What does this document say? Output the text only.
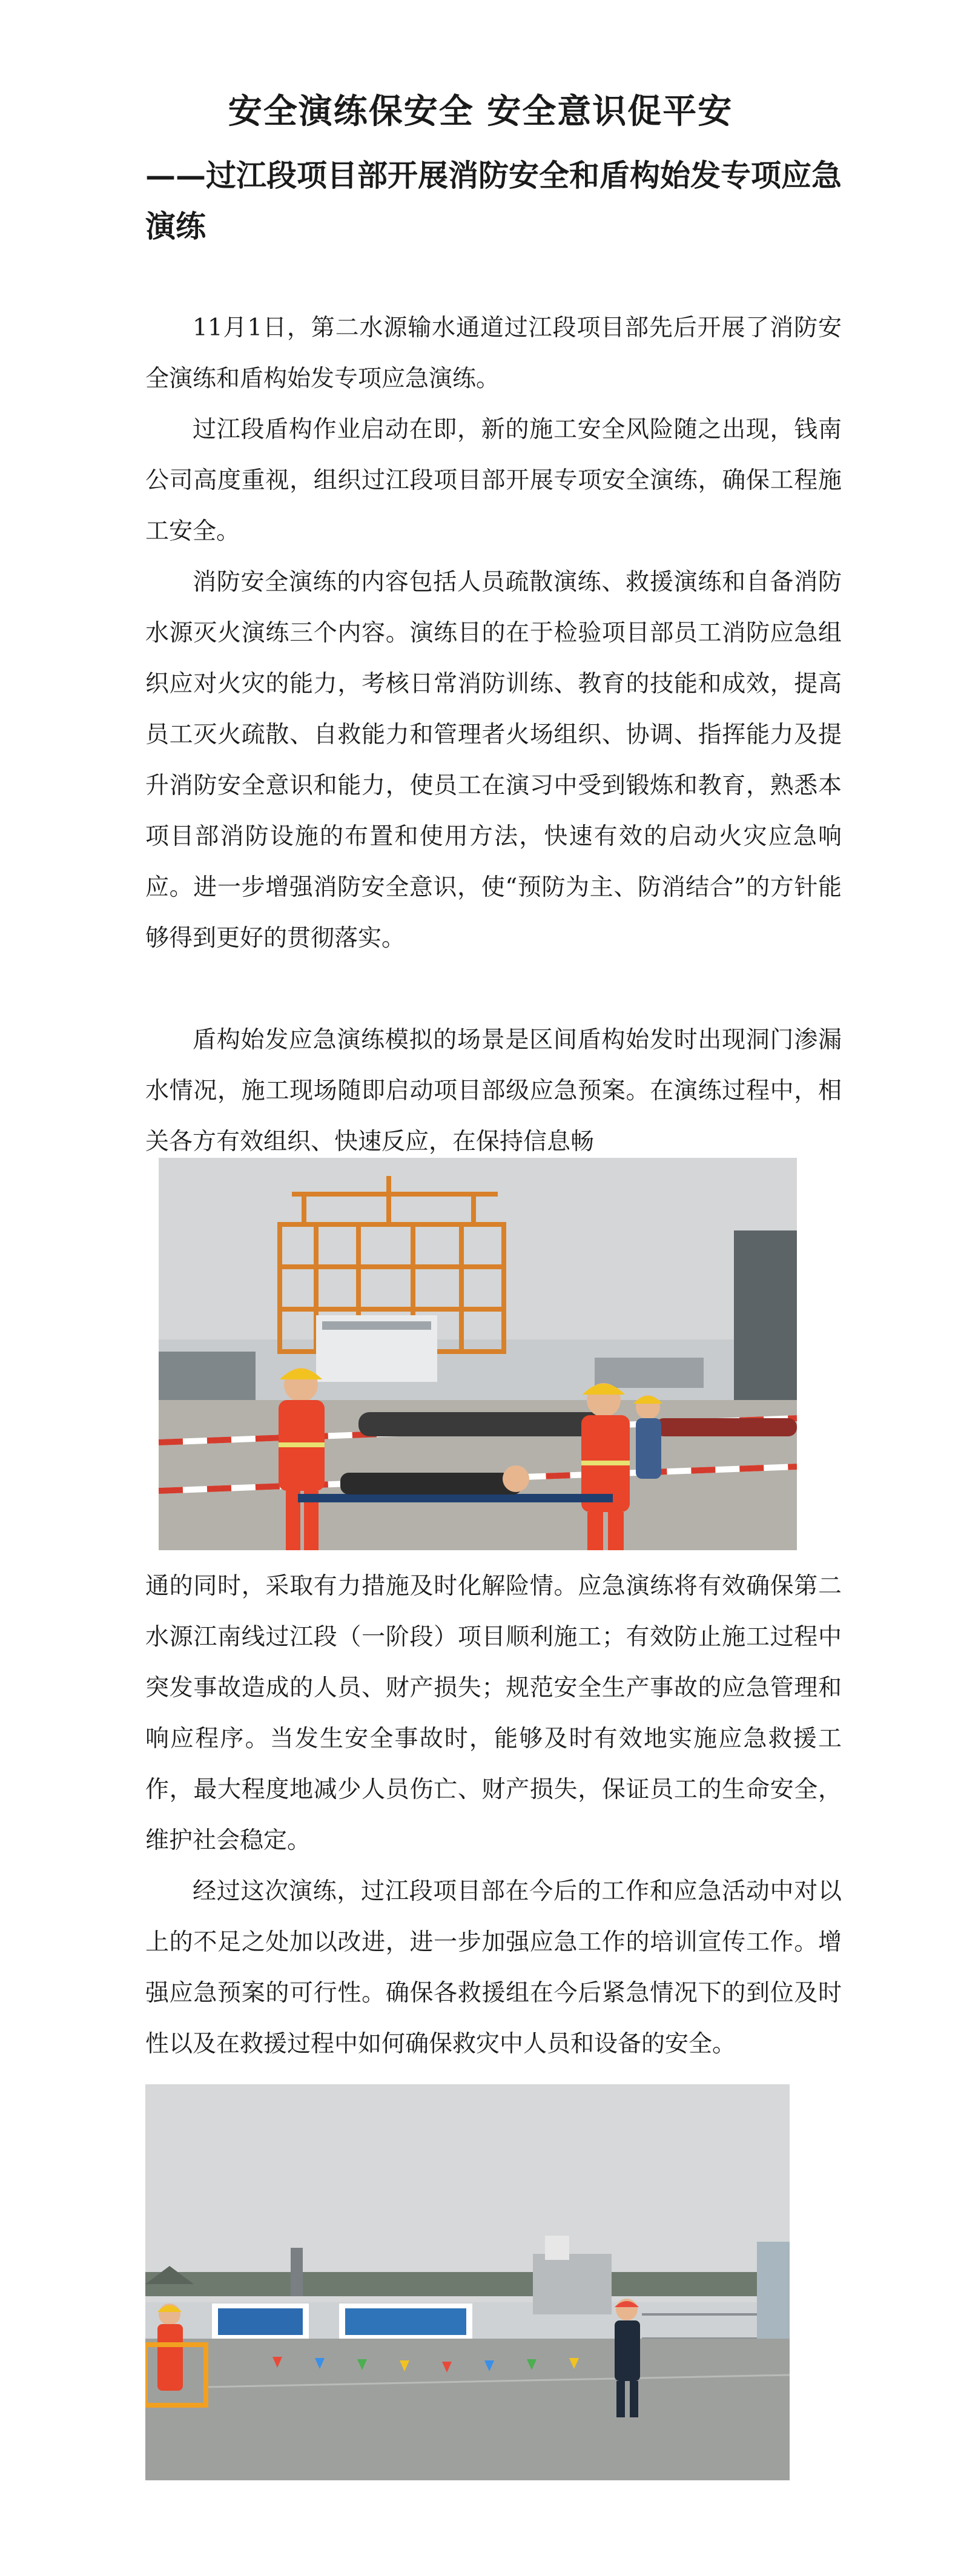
安全演练保安全 安全意识促平安
——过江段项目部开展消防安全和盾构始发专项应急演练

11月1日，第二水源输水通道过江段项目部先后开展了消防安全演练和盾构始发专项应急演练。

过江段盾构作业启动在即，新的施工安全风险随之出现，钱南公司高度重视，组织过江段项目部开展专项安全演练，确保工程施工安全。

消防安全演练的内容包括人员疏散演练、救援演练和自备消防水源灭火演练三个内容。演练目的在于检验项目部员工消防应急组织应对火灾的能力，考核日常消防训练、教育的技能和成效，提高员工灭火疏散、自救能力和管理者火场组织、协调、指挥能力及提升消防安全意识和能力，使员工在演习中受到锻炼和教育，熟悉本项目部消防设施的布置和使用方法，快速有效的启动火灾应急响应。进一步增强消防安全意识，使“预防为主、防消结合”的方针能够得到更好的贯彻落实。

盾构始发应急演练模拟的场景是区间盾构始发时出现洞门渗漏水情况，施工现场随即启动项目部级应急预案。在演练过程中，相关各方有效组织、快速反应，在保持信息畅

通的同时，采取有力措施及时化解险情。应急演练将有效确保第二水源江南线过江段（一阶段）项目顺利施工；有效防止施工过程中突发事故造成的人员、财产损失；规范安全生产事故的应急管理和响应程序。当发生安全事故时，能够及时有效地实施应急救援工作，最大程度地减少人员伤亡、财产损失，保证员工的生命安全，维护社会稳定。

经过这次演练，过江段项目部在今后的工作和应急活动中对以上的不足之处加以改进，进一步加强应急工作的培训宣传工作。增强应急预案的可行性。确保各救援组在今后紧急情况下的到位及时性以及在救援过程中如何确保救灾中人员和设备的安全。
